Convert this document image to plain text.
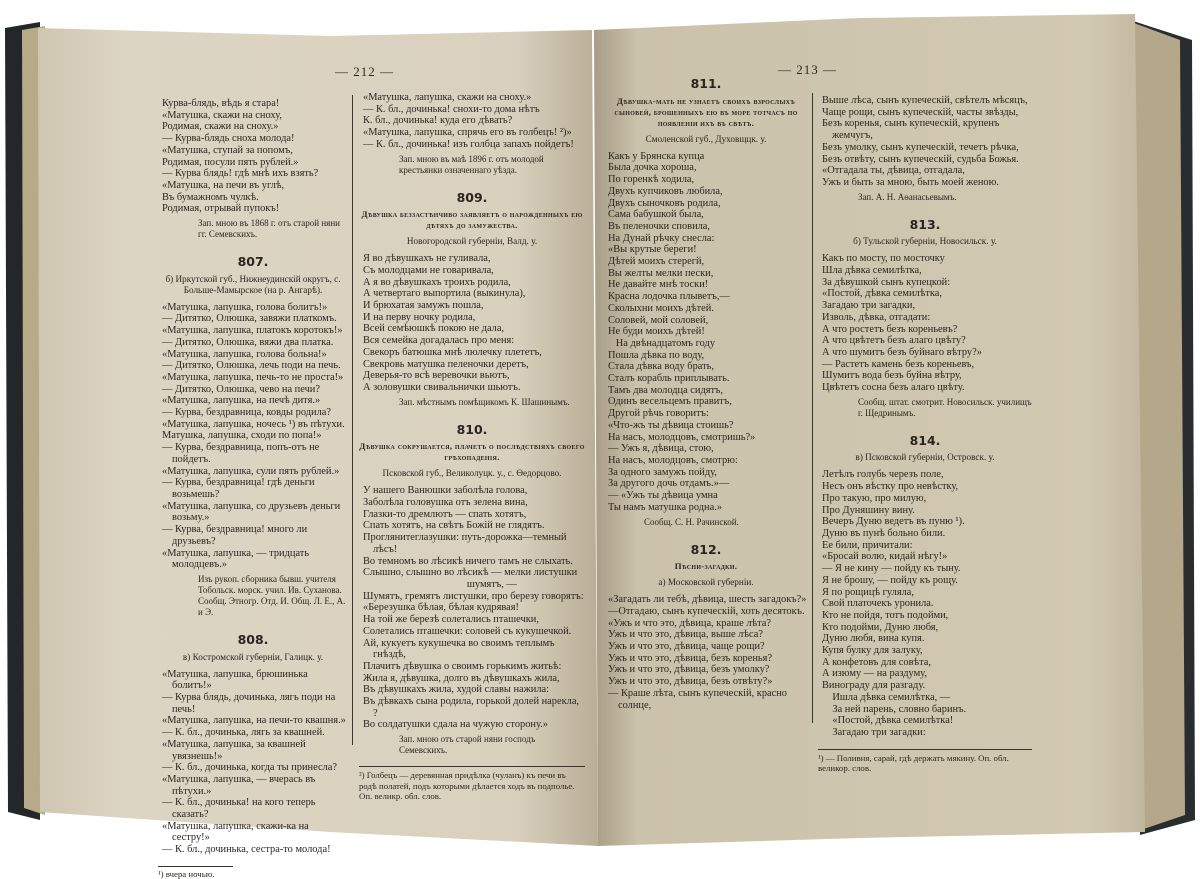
— 212 —	— 213 —
Курва-блядь, вѣдь я стара!
«Матушка, скажи на сноху,
Родимая, скажи на сноху.»
— Курва-блядь сноха молода!
«Матушка, ступай за попомъ,
Родимая, посули пять рублей.»
— Курва блядь! гдѣ мнѣ ихъ взять?
«Матушка, на печи въ углѣ,
Въ бумажномъ чулкѣ.
Родимая, отрывай пупокъ!
Зап. мною въ 1868 г. отъ старой няни гг. Семевскихъ.
807.
б) Иркутской губ., Нижнеудинскій округъ, с. Больше-Мамырское (на р. Ангарѣ).
«Матушка, лапушка, голова болитъ!»
— Дитятко, Олюшка, завяжи платкомъ.
«Матушка, лапушка, платокъ коротокъ!»
— Дитятко, Олюшка, вяжи два платка.
«Матушка, лапушка, голова больна!»
— Дитятко, Олюшка, лечь поди на печь.
«Матушка, лапушка, печь-то не проста!»
— Дитятко, Олюшка, чево на печи?
«Матушка, лапушка, на печѣ дитя.»
— Курва, бездравница, ковды родила?
«Матушка, лапушка, ночесь ¹) въ пѣтухи.
Матушка, лапушка, сходи по попа!»
— Курва, бездравница, попъ-отъ не пойдетъ.
«Матушка, лапушка, сули пять рублей.»
— Курва, бездравница! гдѣ деньги возьмешь?
«Матушка, лапушка, со друзьевъ деньги возьму.»
— Курва, бездравница! много ли друзьевъ?
«Матушка, лапушка, — тридцать молодцевъ.»
Изъ рукоп. сборника бывш. учителя Тобольск. морск. учил. Ив. Суханова. Сообщ. Этногр. Отд. И. Общ. Л. Е., А. и Э.
808.
в) Костромской губерніи, Галицк. у.
«Матушка, лапушка, брюшинька болитъ!»
— Курва блядь, дочинька, лягь поди на печь!
«Матушка, лапушка, на печи-то квашня.»
— К. бл., дочинька, лягь за квашней.
«Матушка, лапушка, за квашней увязнешь!»
— К. бл., дочинька, когда ты принесла?
«Матушка, лапушка, — вчерась въ пѣтухи.»
— К. бл., дочинька! на кого теперь сказать?
«Матушка, лапушка, скажи-ка на сестру!»
— К. бл., дочинька, сестра-то молода!
¹) вчера ночью.
«Матушка, лапушка, скажи на сноху.»
— К. бл., дочинька! снохи-то дома нѣтъ
К. бл., дочинька! куда его дѣвать?
«Матушка, лапушка, спрячь его въ голбецъ! ²)»
— К. бл., дочинька! изъ голбца запахъ пойдетъ!
Зап. мною въ маѣ 1896 г. отъ молодой крестьянки означеннаго уѣзда.
809.
Дѣвушка беззастѣнчиво заявляетъ о нарожденныхъ ею дѣтяхъ до замужества.
Новогородской губерніи, Валд. у.
Я во дѣвушкахъ не гуливала,
Съ молодцами не говаривала,
А я во дѣвушкахъ троихъ родила,
А четвертаго выпортила (выкинула),
И брюхатая замужъ пошла,
И на перву ночку родила,
Всей семѣюшкѣ покою не дала,
Вся семейка догадалась про меня:
Свекоръ батюшка мнѣ люлечку плететъ,
Свекровь матушка пеленочки деретъ,
Деверья-то всѣ веревочки вьютъ,
А золовушки свивальнички шьютъ.
Зап. мѣстнымъ помѣщикомъ К. Шашинымъ.
810.
Дѣвушка сокрушается, плачетъ о послѣдствіяхъ своего грѣхопаденія.
Псковской губ., Великолуцк. у., с. Ѳедорцово.
У нашего Ванюшки заболѣла голова,
Заболѣла головушка отъ зелена вина,
Глазки-то дремлютъ — спать хотятъ,
Спать хотятъ, на свѣтъ Божій не глядятъ.
Проглянитеглазушки: путь-дорожка—темный лѣсъ!
Во темномъ во лѣсикѣ ничего тамъ не слыхать.
Слышно, слышно во лѣсикѣ — мелки листушки
шумятъ, —
Шумятъ, гремятъ листушки, про березу говорятъ:
«Березушка бѣлая, бѣлая кудрявая!
На той же березѣ солетались пташечки,
Солетались пташечки: соловей съ кукушечкой.
Ай, кукуетъ кукушечка во своимъ теплымъ гнѣздѣ,
Плачитъ дѣвушка о своимъ горькимъ житьѣ:
Жила я, дѣвушка, долго въ дѣвушкахъ жила,
Въ дѣвушкахъ жила, худой славы нажила:
Въ дѣвкахъ сына родила, горькой долей нарекла, ?
Во солдатушки сдала на чужую сторону.»
Зап. мною отъ старой няни господъ Семевскихъ.
²) Голбецъ — деревянная придѣлка (чуланъ) къ печи въ родѣ полатей, подъ которыми дѣлается ходъ въ подполье. Оп. великр. обл. слов.
811.
Дѣвушка-мать не узнаетъ своихъ взрослыхъ сыновей, брошенныхъ ею въ море тотчасъ по появленіи ихъ въ свѣтъ.
Смоленской губ., Духовщцк. у.
Какъ у Брянска купца
Была дочка хороша,
По горенкѣ ходила,
Двухъ купчиковъ любила,
Двухъ сыночковъ родила,
Сама бабушкой была,
Въ пеленочки сповила,
На Дунай рѣчку снесла:
«Вы крутые береги!
Дѣтей моихъ стерегй,
Вы желты мелки пески,
Не давайте мнѣ тоски!
Красна лодочка плыветъ,—
Сколыхни моихъ дѣтей.
Соловей, мой соловей,
Не буди моихъ дѣтей!
На двѣнадцатомъ году
Пошла дѣвка по воду,
Стала дѣвка воду брать,
Сталъ корабль приплывать.
Тамъ два молодца сидятъ,
Одинъ весельцемъ правитъ,
Другой рѣчь говоритъ:
«Что-жъ ты дѣвица стоишь?
На насъ, молодцовъ, смотришь?»
— Ужъ я, дѣвица, стою,
На насъ, молодцовъ, смотрю:
За одного замужъ пойду,
За другого дочь отдамъ.»—
— «Ужъ ты дѣвица умна
Ты намъ матушка родна.»
Сообщ. С. Н. Рачинской.
812.
Пѣсни-загадки.
а) Московской губерніи.
«Загадать ли тебѣ, дѣвица, шесть загадокъ?»
—Отгадаю, сынъ купеческій, хоть десятокъ.
«Ужъ и что это, дѣвица, краше лѣта?
Ужъ и что это, дѣвица, выше лѣса?
Ужъ и что это, дѣвица, чаще рощи?
Ужъ и что это, дѣвица, безъ коренья?
Ужъ и что это, дѣвица, безъ умолку?
Ужъ и что это, дѣвица, безъ отвѣту?»
— Краше лѣта, сынъ купеческій, красно солнце,
Выше лѣса, сынъ купеческій, свѣтелъ мѣсяцъ,
Чаще рощи, сынъ купеческій, часты звѣзды,
Безъ коренья, сынъ купеческій, крупенъ жемчугъ,
Безъ умолку, сынъ купеческій, течетъ рѣчка,
Безъ отвѣту, сынъ купеческій, судьба Божья.
«Отгадала ты, дѣвица, отгадала,
Ужъ и быть за мною, быть моей женою.
Зап. А. Н. Аѳанасьевымъ.
813.
б) Тульской губерніи, Новосильск. у.
Какъ по мосту, по мосточку
Шла дѣвка семилѣтка,
За дѣвушкой сынъ купецкой:
«Постой, дѣвка семилѣтка,
Загадаю три загадки,
Изволь, дѣвка, отгадати:
А что ростетъ безъ кореньевъ?
А что цвѣтетъ безъ алаго цвѣту?
А что шумитъ безъ буйнаго вѣтру?»
— Растетъ камень безъ кореньевъ,
Шумитъ вода безъ буйна вѣтру,
Цвѣтетъ сосна безъ алаго цвѣту.
Сообщ. штат. смотрит. Новосильск. училищъ г. Щедринымъ.
814.
в) Псковской губерніи, Островск. у.
Летѣлъ голубь черезъ поле,
Несъ онъ вѣстку про невѣстку,
Про такую, про милую,
Про Дуняшину вину.
Вечеръ Дуню ведетъ въ пуню ¹).
Дуню въ пунѣ больно били.
Ее били, причитали:
«Бросай волю, кидай нѣгу!»
— Я не кину — пойду къ тыну.
Я не брошу, — пойду къ рощу.
Я по рощицѣ гуляла,
Свой платочекъ уронила.
Кто не пойдя, тотъ подойми,
Кто подойми, Дуню любя,
Дуню любя, вина купя.
Купя булку для залуку,
А конфетовъ для совѣта,
А изюму — на раздуму,
Винограду для разгаду.
Ишла дѣвка семилѣтка, —
За ней парень, словно баринъ.
«Постой, дѣвка семилѣтка!
Загадаю три загадки:
¹) — Поливня, сарай, гдѣ держатъ мякину. Оп. обл. великор. слов.
